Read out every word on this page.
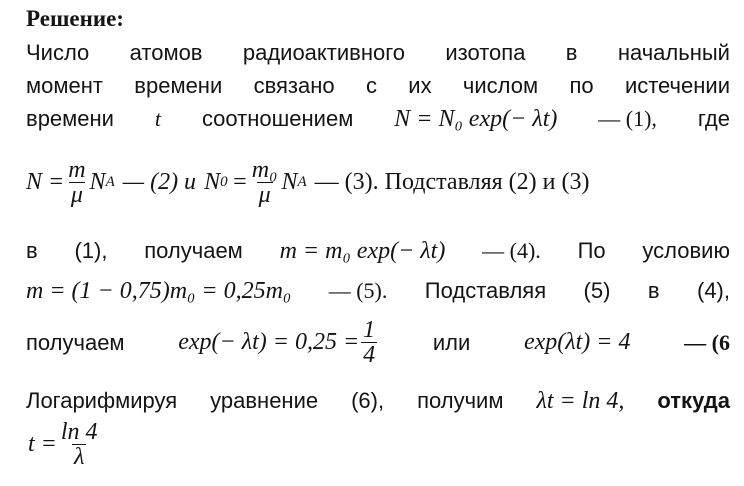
Решение:
Число атомов радиоактивного изотопа в начальный
момент времени связано с их числом по истечении
времени t соотношением N = N₀ exp(− λt) — (1), где
$N = \frac{m}{\mu}$ N A — (2) и N $0 = \frac{\text{m₀}}{\mu}$ N A — (3). Подставляя (2) и (3)
в (1), получаем m = m₀ exp(− λt) — (4). По условию
m = (1 − 0,75)m₀ = 0,25m₀ — (5). Подставляя (5) в (4),
получаем $\exp(- \lambda t) = 0,25 = \frac{1}{4}$	или exp(λt) = 4 — (6
Логарифмируя уравнение (6), получим λt = ln 4, откуда
$t = \frac{\ln 4}{\lambda}$
